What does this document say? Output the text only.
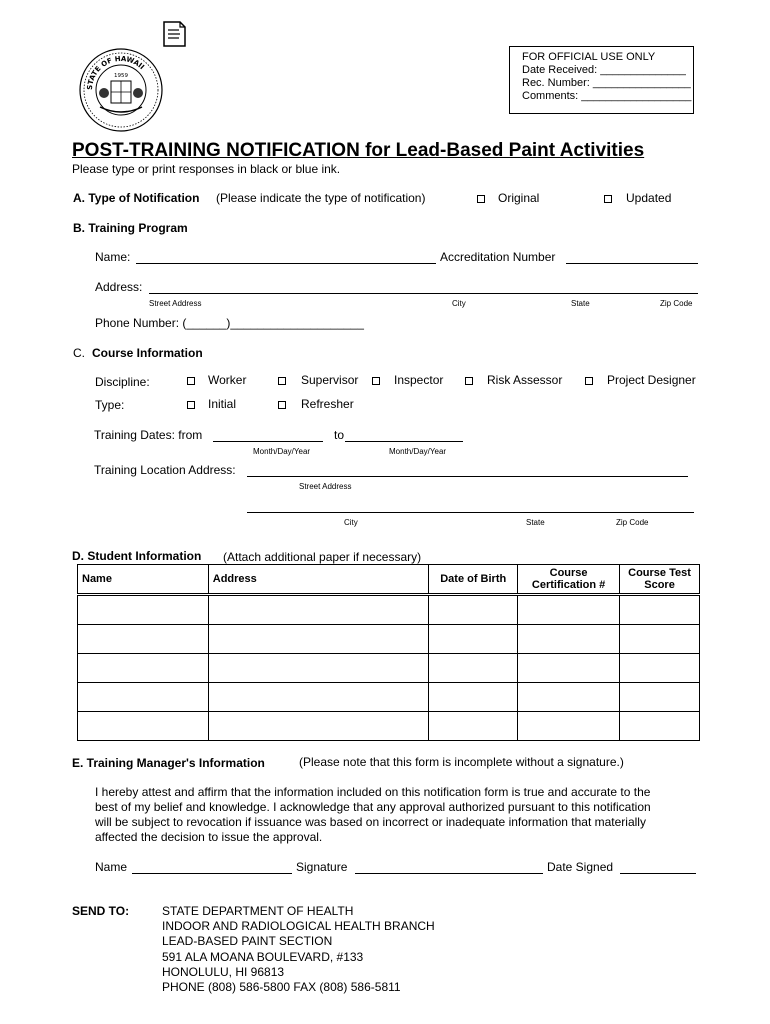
STATE OF HAWAII
1959
FOR OFFICIAL USE ONLY
Date Received: ______________
Rec. Number: ________________
Comments: __________________
POST-TRAINING NOTIFICATION for Lead-Based Paint Activities
Please type or print responses in black or blue ink.
A. Type of Notification (Please indicate the type of notification)	Original	Updated
B. Training Program
Name:	Accreditation Number
Address:
Street Address	City	State	Zip Code
Phone Number: (______)____________________
C. Course Information
Discipline:	Worker	Supervisor	Inspector	Risk Assessor	Project Designer
Type:	Initial	Refresher
Training Dates: from	to
Month/Day/Year	Month/Day/Year
Training Location Address:
Street Address
City	State	Zip Code
D. Student Information (Attach additional paper if necessary)
Name	Address	Date of Birth	Course Certification #	Course Test Score

E. Training Manager's Information	(Please note that this form is incomplete without a signature.)
I hereby attest and affirm that the information included on this notification form is true and accurate to the
best of my belief and knowledge. I acknowledge that any approval authorized pursuant to this notification
will be subject to revocation if issuance was based on incorrect or inadequate information that materially
affected the decision to issue the approval.
Name	Signature	Date Signed
SEND TO:	STATE DEPARTMENT OF HEALTH
INDOOR AND RADIOLOGICAL HEALTH BRANCH
LEAD-BASED PAINT SECTION
591 ALA MOANA BOULEVARD, #133
HONOLULU, HI 96813
PHONE (808) 586-5800 FAX (808) 586-5811
